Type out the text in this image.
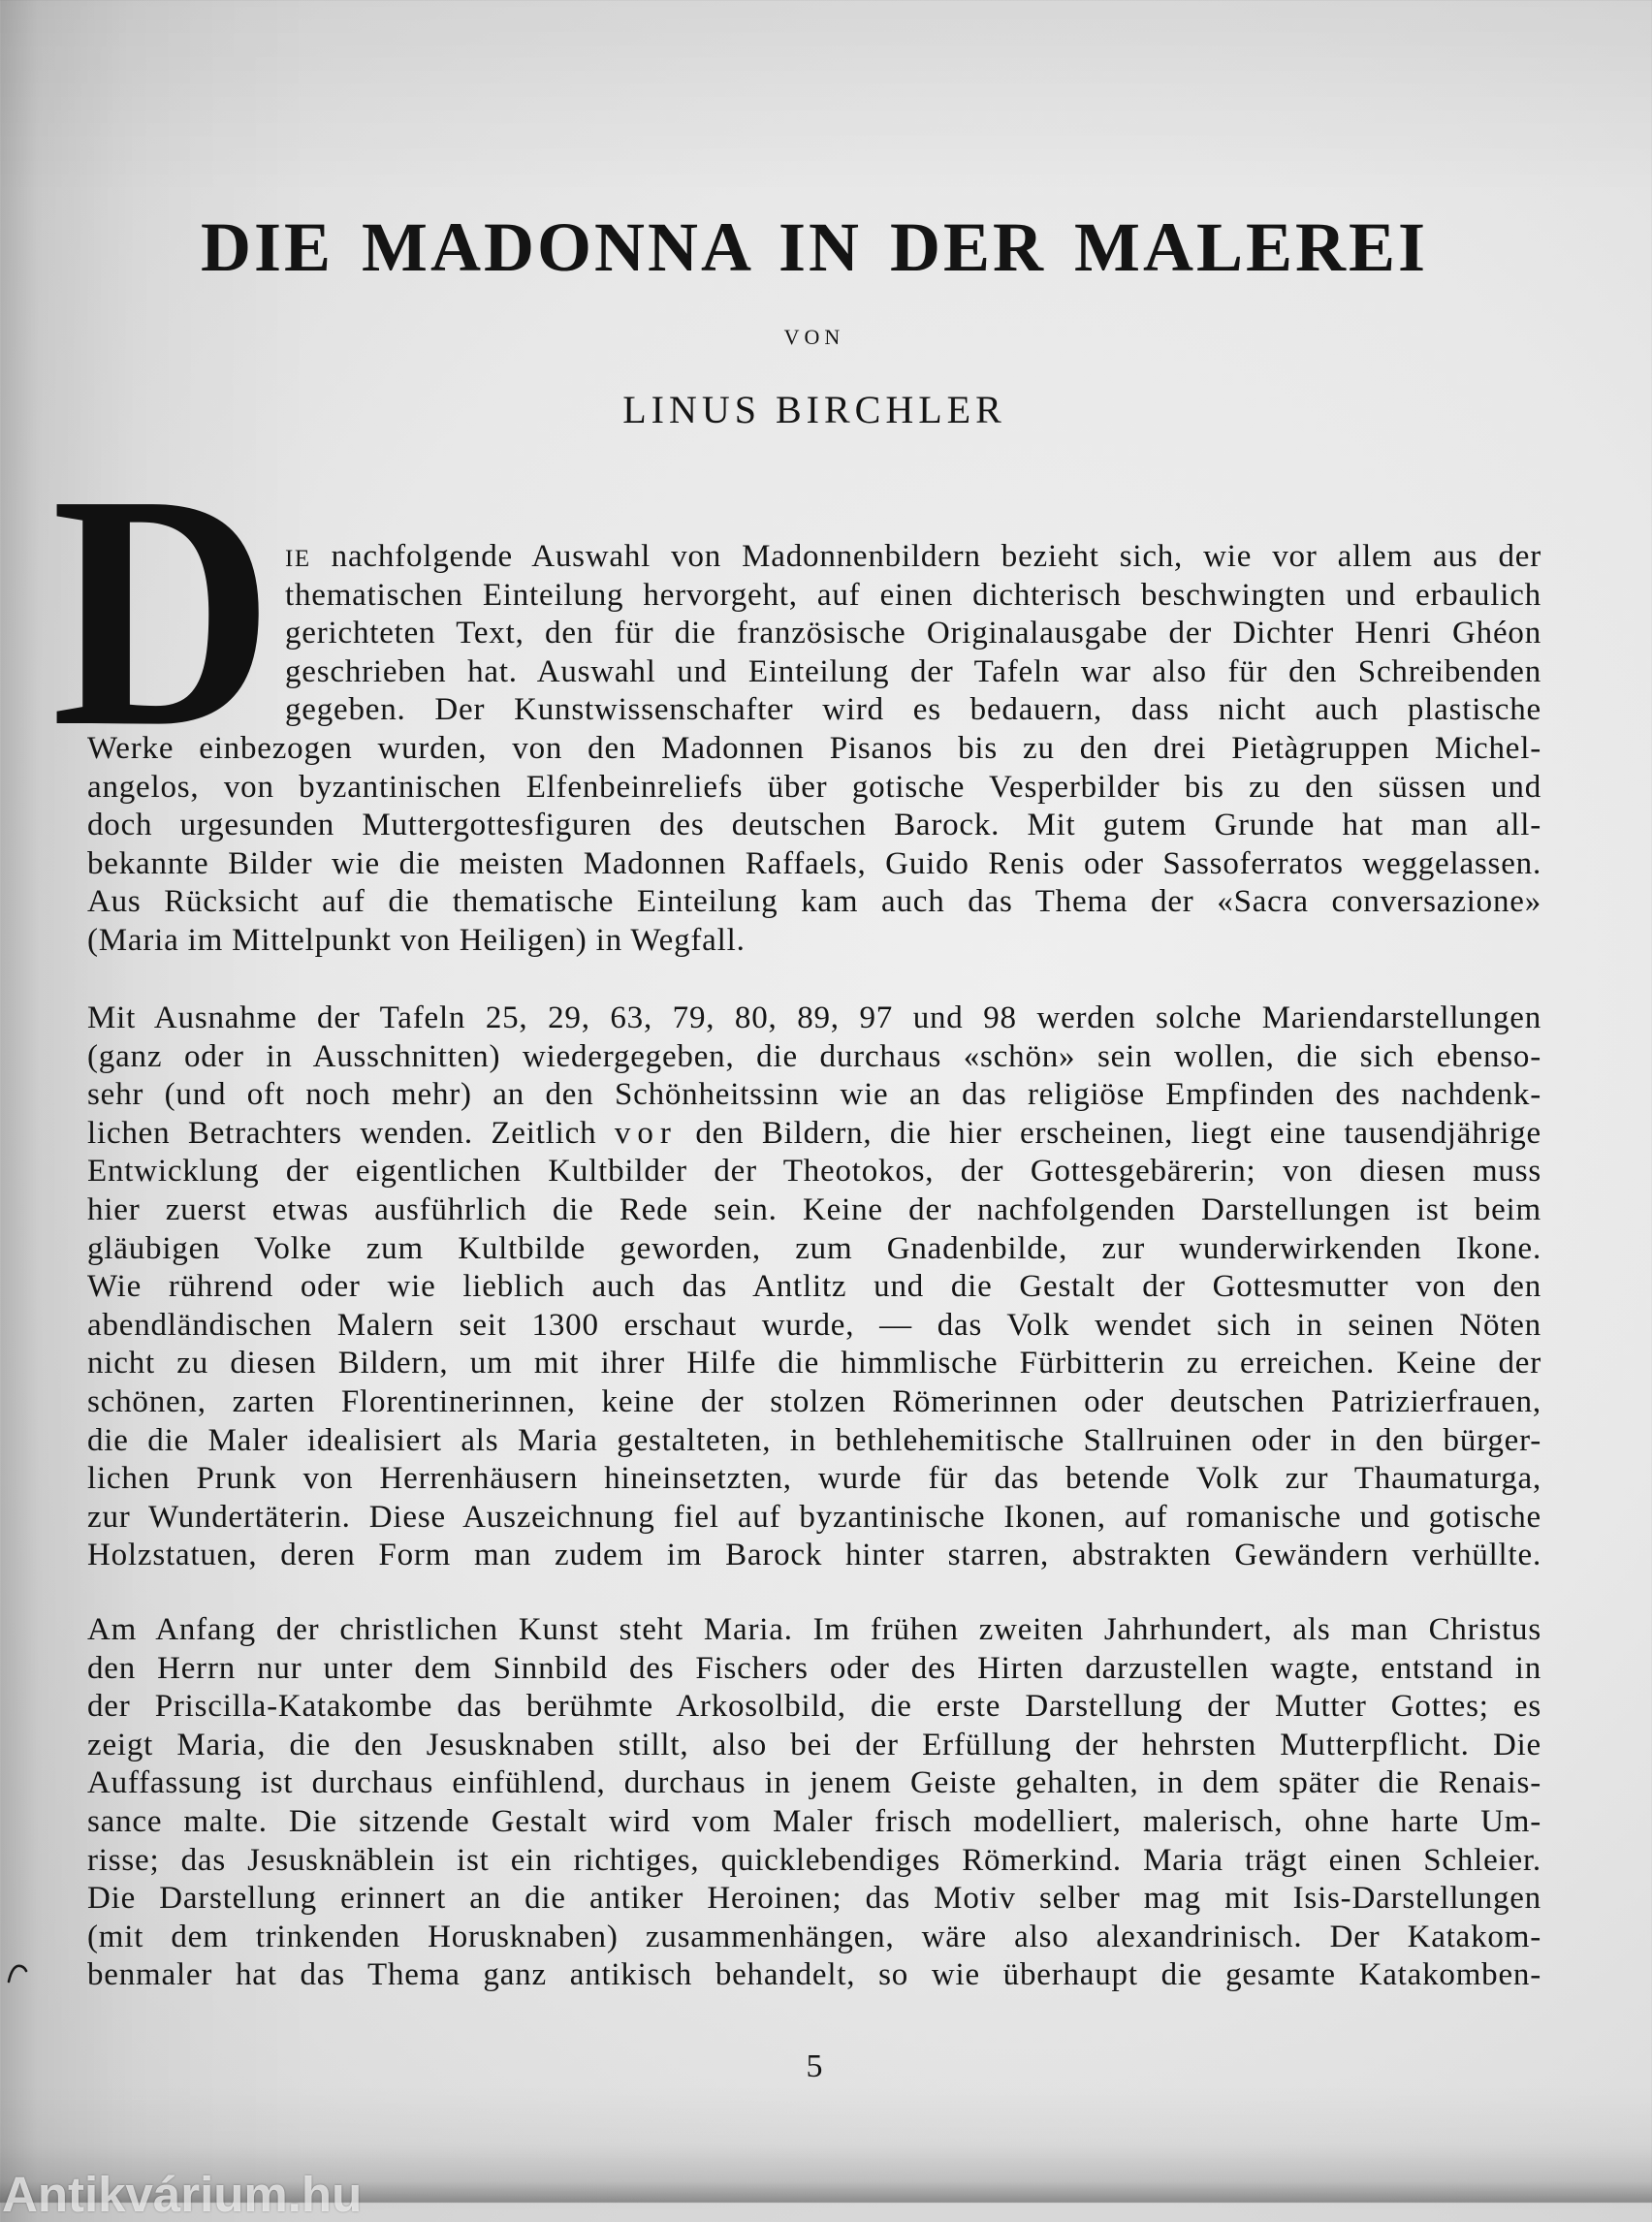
DIE MADONNA IN DER MALEREI
VON
LINUS BIRCHLER
D IE nachfolgende Auswahl von Madonnenbildern bezieht sich, wie vor allem aus der
thematischen Einteilung hervorgeht, auf einen dichterisch beschwingten und erbaulich
gerichteten Text, den für die französische Originalausgabe der Dichter Henri Ghéon
geschrieben hat. Auswahl und Einteilung der Tafeln war also für den Schreibenden
gegeben. Der Kunstwissenschafter wird es bedauern, dass nicht auch plastische
Werke einbezogen wurden, von den Madonnen Pisanos bis zu den drei Pietàgruppen Michel-
angelos, von byzantinischen Elfenbeinreliefs über gotische Vesperbilder bis zu den süssen und
doch urgesunden Muttergottesfiguren des deutschen Barock. Mit gutem Grunde hat man all-
bekannte Bilder wie die meisten Madonnen Raffaels, Guido Renis oder Sassoferratos weggelassen.
Aus Rücksicht auf die thematische Einteilung kam auch das Thema der «Sacra conversazione»
(Maria im Mittelpunkt von Heiligen) in Wegfall.
Mit Ausnahme der Tafeln 25, 29, 63, 79, 80, 89, 97 und 98 werden solche Mariendarstellungen
(ganz oder in Ausschnitten) wiedergegeben, die durchaus «schön» sein wollen, die sich ebenso-
sehr (und oft noch mehr) an den Schönheitssinn wie an das religiöse Empfinden des nachdenk-
lichen Betrachters wenden. Zeitlich vor den Bildern, die hier erscheinen, liegt eine tausendjährige
Entwicklung der eigentlichen Kultbilder der Theotokos, der Gottesgebärerin; von diesen muss
hier zuerst etwas ausführlich die Rede sein. Keine der nachfolgenden Darstellungen ist beim
gläubigen Volke zum Kultbilde geworden, zum Gnadenbilde, zur wunderwirkenden Ikone.
Wie rührend oder wie lieblich auch das Antlitz und die Gestalt der Gottesmutter von den
abendländischen Malern seit 1300 erschaut wurde, — das Volk wendet sich in seinen Nöten
nicht zu diesen Bildern, um mit ihrer Hilfe die himmlische Fürbitterin zu erreichen. Keine der
schönen, zarten Florentinerinnen, keine der stolzen Römerinnen oder deutschen Patrizierfrauen,
die die Maler idealisiert als Maria gestalteten, in bethlehemitische Stallruinen oder in den bürger-
lichen Prunk von Herrenhäusern hineinsetzten, wurde für das betende Volk zur Thaumaturga,
zur Wundertäterin. Diese Auszeichnung fiel auf byzantinische Ikonen, auf romanische und gotische
Holzstatuen, deren Form man zudem im Barock hinter starren, abstrakten Gewändern verhüllte.
Am Anfang der christlichen Kunst steht Maria. Im frühen zweiten Jahrhundert, als man Christus
den Herrn nur unter dem Sinnbild des Fischers oder des Hirten darzustellen wagte, entstand in
der Priscilla-Katakombe das berühmte Arkosolbild, die erste Darstellung der Mutter Gottes; es
zeigt Maria, die den Jesusknaben stillt, also bei der Erfüllung der hehrsten Mutterpflicht. Die
Auffassung ist durchaus einfühlend, durchaus in jenem Geiste gehalten, in dem später die Renais-
sance malte. Die sitzende Gestalt wird vom Maler frisch modelliert, malerisch, ohne harte Um-
risse; das Jesusknäblein ist ein richtiges, quicklebendiges Römerkind. Maria trägt einen Schleier.
Die Darstellung erinnert an die antiker Heroinen; das Motiv selber mag mit Isis-Darstellungen
(mit dem trinkenden Horusknaben) zusammenhängen, wäre also alexandrinisch. Der Katakom-
benmaler hat das Thema ganz antikisch behandelt, so wie überhaupt die gesamte Katakomben-
5
Antikvárium.hu
